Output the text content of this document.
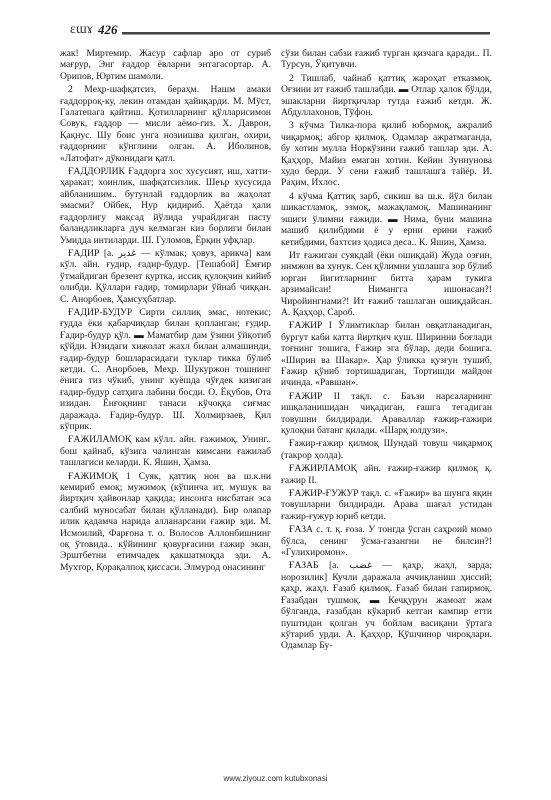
ɛɯɤ 426

жак! Миртемир. Жасур сафлар аро от суриб мағрур, Энг ғаддор ёвларни энтагасортар. А. Орипов, Юртим шамоли.

2 Меҳр-шафқатсиз, бераҳм. Нашм амаки ғаддорроқ-ку, лекин отамдан ҳайиқарди. М. Мўст, Галатепага қайтиш. Қотилларнинг қўлларисимон Совук, ғаддор — мисли аёмо-гиз. Х. Даврон, Қақнус. Шу боис унга нозиишва қилган, охири, ғаддорнинг кўнглини олган. А. Иболинов, «Латофат» дўконидаги қатл.

ҒАДДОРЛИК Ғаддорга хос хусусият, иш, хатти-ҳаракат; хоинлик, шафқатсизлик. Шеър хусусида айбланишим.. бутунлай ғаддорлик ва жаҳолат эмасми? Ойбек, Нур қидириб. Ҳаётда ҳали ғаддорлигу мақсад йўлида учрайдиган пасту баландликларга дуч келмаган киз борлиги билан Умидда интиларди. Ш. Гуломов, Ёрқин уфқлар.

ҒАДИР [а. غدير — кўлмак; ҳовуз, арикча] кам кўл. айн. ғудир, ғадир-будур. [Тешабой] Ёмғир ўтмайдиган брезент куртка, иссиқ қулоқчин кийиб олибди. Қўллари ғадир, томирлари ўйнаб чиққан. С. Анорбоев, Ҳамсуҳбатлар.

ҒАДИР-БУДУР Сирти силлиқ эмас, нотекис; ғудда ёки қабарчиқлар билан қопланган; ғудир. Ғадир-будур қўл. ▬ Маматбир дам ўзини ўйқотиб қўйди. Юзидаги хижолат жахл билан алмашинди, ғадир-будур бошларасидаги туклар тикка бўлиб кетди. С. Анорбоев, Меҳр. Шукуржон тошнинг ёнига тиз чўкиб, унинг куёшда чўғдек кизиган ғадир-будур сатҳига лабини босди. О. Ёқубов, Ота изидан. Ёнғоқнинг танаси кўчоққа сиғмас даражада. Ғадир-будур. Ш. Холмирзаев, Қил кўприк.

ҒАЖИЛАМОҚ кам кўлл. айн. ғажимоқ. Унинг.. бош қайнаб, кўзига чалинган кимсани ғажилаб ташлагиси келарди. К. Яшин, Ҳамза.

ҒАЖИМОҚ 1 Суяк, қаттиқ нон ва ш.к.ни кемириб емоқ; мужимоқ (кўпинча ит, мушук ва йиртқич ҳайвонлар ҳақида; инсонга нисбатан эса салбий муносабат билан қўлланади). Бир олапар илик қадамча нарида алланарсани ғажир эди. М. Исмоилий, Фарғона т. о. Волосов Аллонбишнинг оқ ўтовида.. кўйининг қовурғасини ғажир экан, Эрштбетни етимчадек қакшатмоқда эди. А. Мухтор, Қорақалпоқ қиссаси. Элмурод онасининг

сўзи билан сабзи ғажиб турган қизчага қаради.. П. Турсун, Ўқитувчи.

2 Тишлаб, чайнаб қаттиқ жароҳат етказмоқ. Оғзини ит ғажиб ташлабди. ▬ Отлар ҳалок бўлди, эшакларни йиртқичлар тутда ғажиб кетди. Ж. Абдуллахонов, Тўфон.

3 кўчма Тилка-пора қилиб юбормоқ, ажралиб чиқармоқ; абгор қилмоқ. Одамлар ажратмаганда, бу хотин мулла Норкўзини ғажиб ташлар эди. А. Қаҳҳор, Майиз емаган хотин. Кейин Зуннунова худо берди. У сени ғажиб ташлашга тайёр. И. Раҳим, Ихлос.

4 кўчма Қаттиқ зарб, сикиш ва ш.к. йўл билан шикастламоқ, эзмоқ, мажақламоқ. Машинанинг эшиги ўлимни ғажиди. ▬ Нима, буни машина машиб қилибдими ё у ерни ерини ғажиб кетибдими, бахтсиз ҳодиса деса.. К. Яшин, Ҳамза.

Ит ғажиган суякдай (ёки ошиқдай) Жуда озғин, нимжон ва хунук. Сен қўлимни ушлашга зор бўлиб юрган йигитларнинг битта ҳарам тукига арзимайсан! Нимангга ишонасан?! Чиройингнами?! Ит ғажиб ташлаган ошиқдайсан. А. Қаҳҳор, Сароб.

ҒАЖИР I Ўлимтиклар билан овқатланадиган, бургут каби катта йиртқич қуш. Ширинни боғлади тоғнинг тошига, Ғажир эга бўлар, деди бошига. «Ширин ва Шакар». Ҳар ўликка қузғун тушиб, Ғажир қўниб тортишадиган, Тортишди майдон ичинда. «Равшан».

ҒАЖИР II тақл. с. Баъзи нарсаларнинг ишқаланишидан чиқадиган, ғашга тегадиган товушни билдиради. Араваллар ғажир-ғажири қулоқни батанг қилади. «Шарқ юлдузи».

Ғажир-ғажир қилмоқ Шундай товуш чиқармоқ (такрор ҳолда).

ҒАЖИРЛАМОҚ айн. ғажир-ғажир қилмоқ қ. ғажир II.

ҒАЖИР-ҒУЖУР тақл. с. «Ғажир» ва шунга яқин товушларни билдиради. Арава шағал устидан ғажир-ғужур юриб кетди.

ҒАЗА с. т. қ. ғоза. У тонгда ўсган саҳроий момо бўлса, сенинг ўсма-газангни не билсин?! «Гулихиромон».

ҒАЗАБ [а. غضب — қаҳр, жаҳл, зарда; норозилик] Кучли даражала аччиқланиш ҳиссий; қаҳр, жаҳл. Ғазаб қилмоқ. Ғазаб билан гапирмоқ. Ғазабдан тушмоқ. ▬ Кечқурун жамоат жам бўлганда, ғазабдан кўкариб кетган кампир етти пуштидан қолган уч бойлам васиқани ўртага кўтариб урди. А. Қаҳҳор, Қўшчинор чироқлари. Одамлар Бу-

www.ziyouz.com kutubxonasi
